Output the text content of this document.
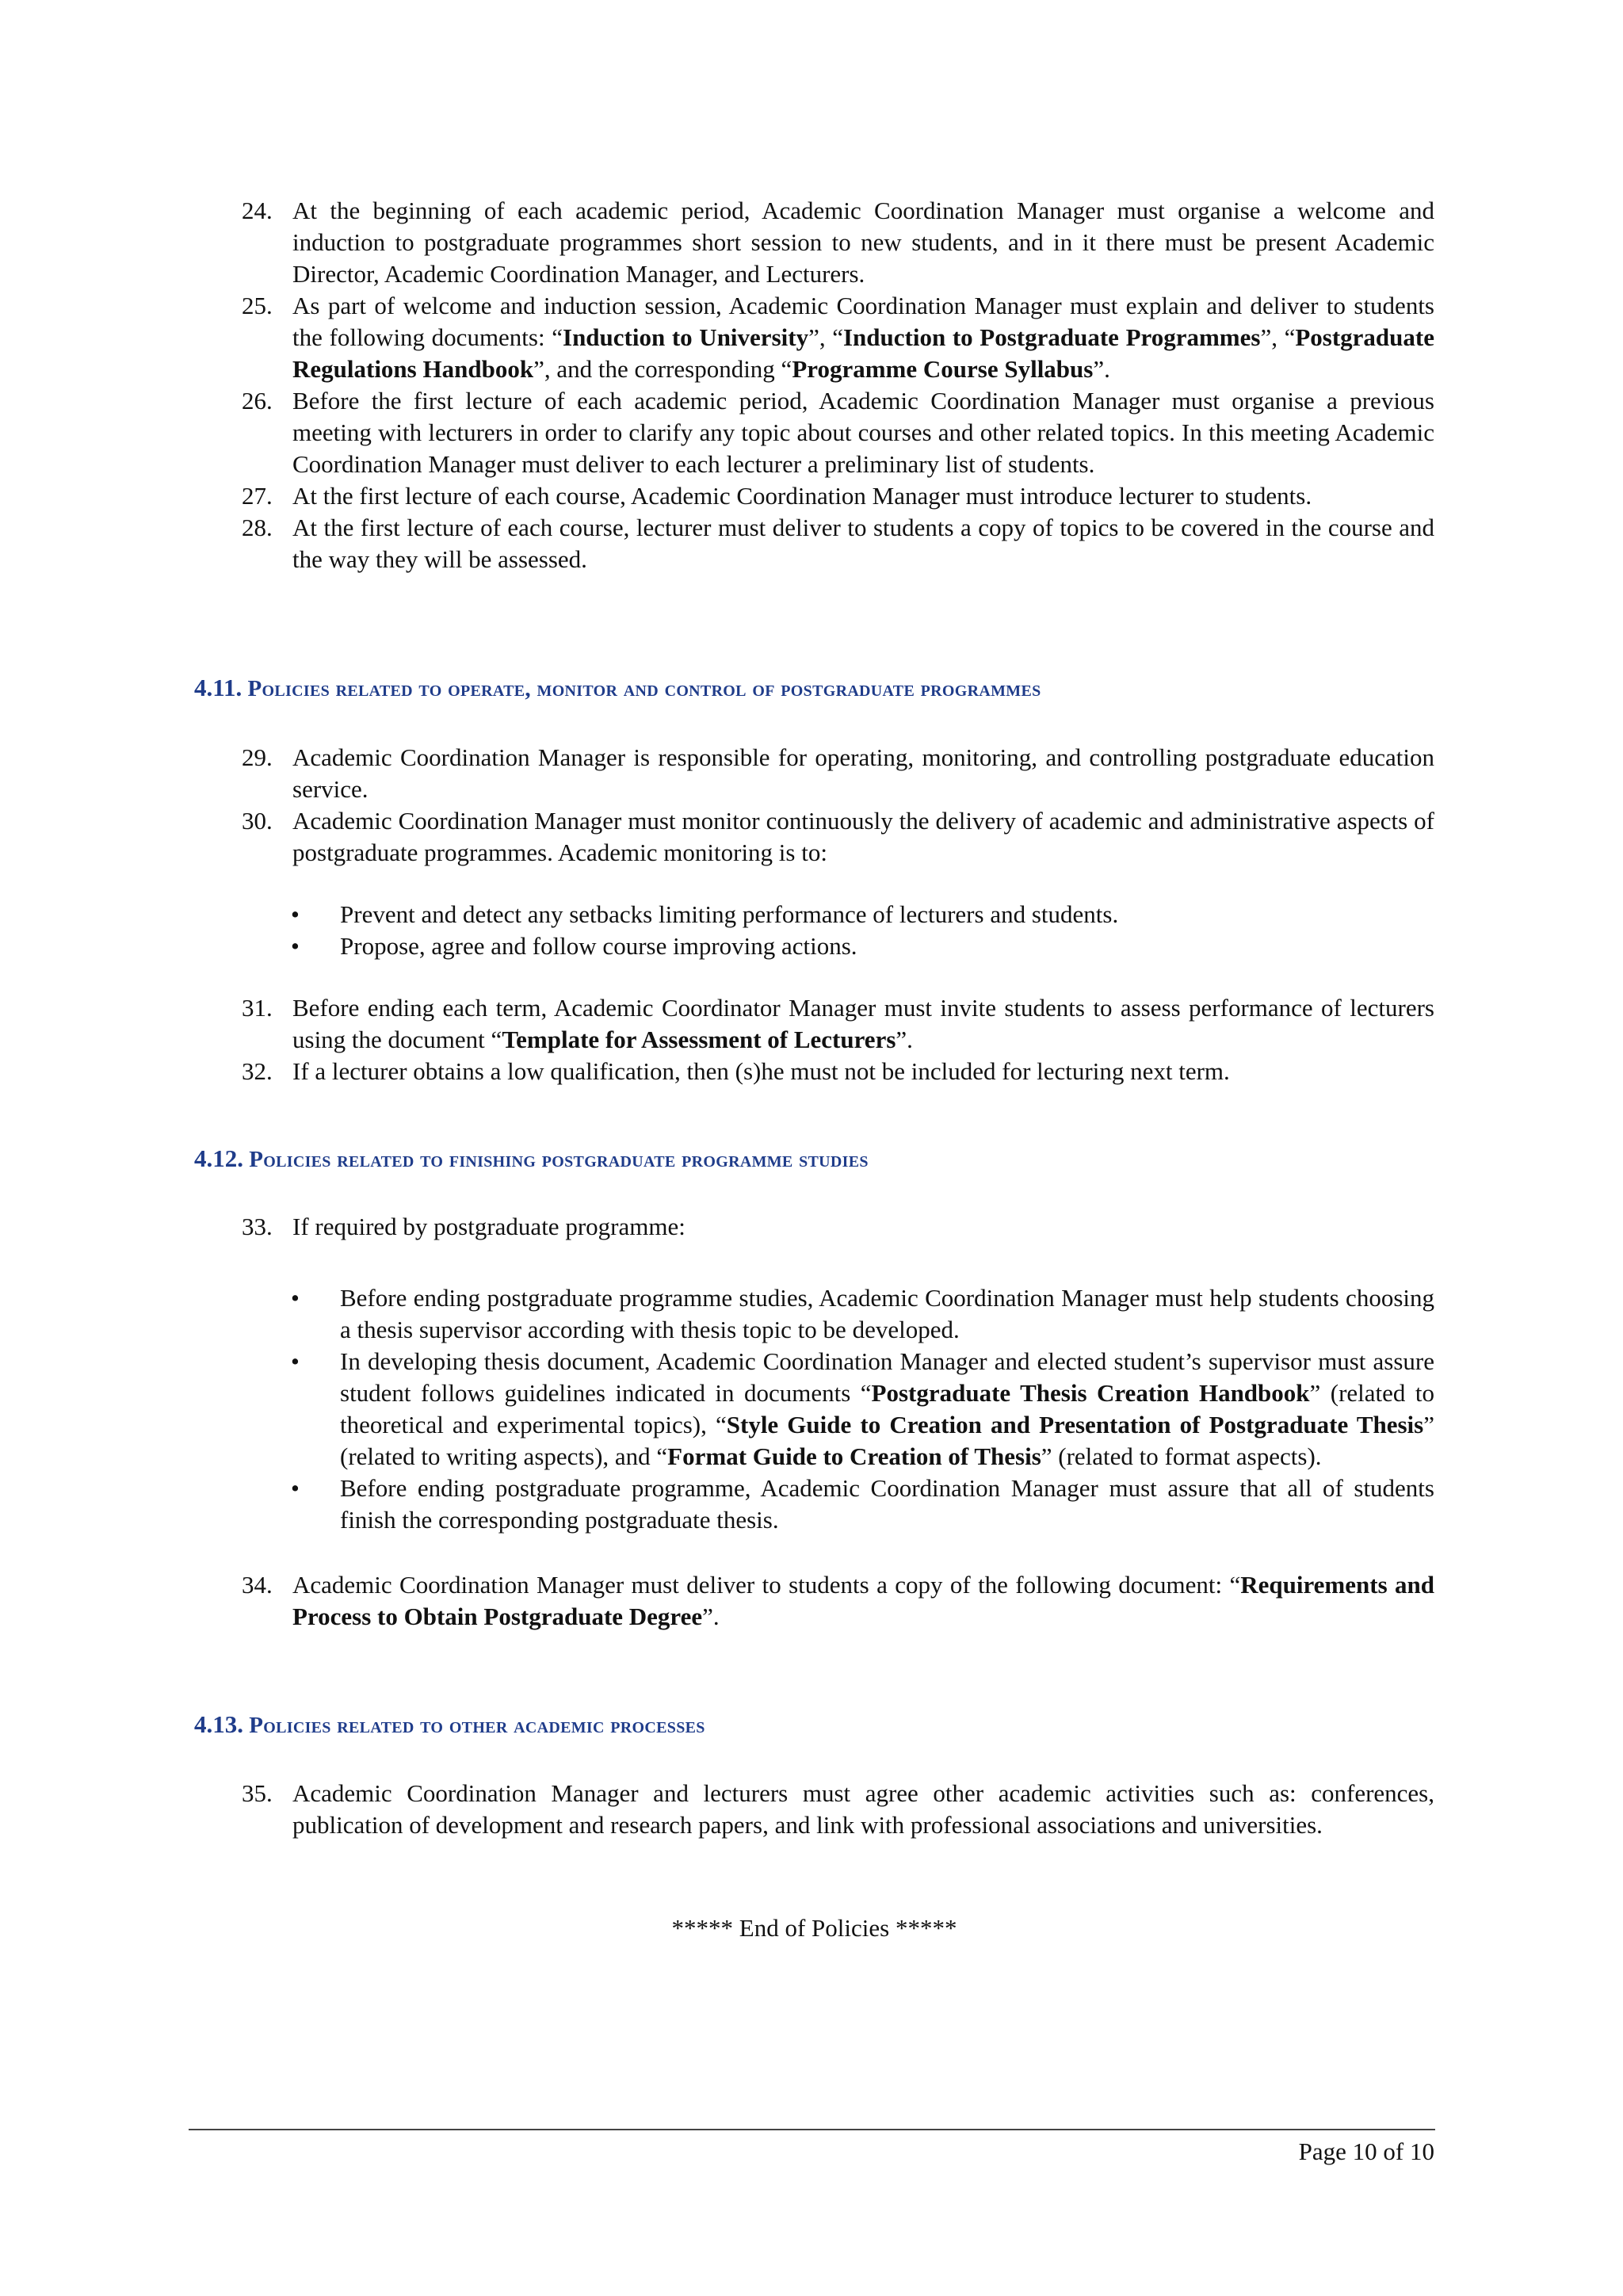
24. At the beginning of each academic period, Academic Coordination Manager must organise a welcome and induction to postgraduate programmes short session to new students, and in it there must be present Academic Director, Academic Coordination Manager, and Lecturers.
25. As part of welcome and induction session, Academic Coordination Manager must explain and deliver to students the following documents: “Induction to University”, “Induction to Postgraduate Programmes”, “Postgraduate Regulations Handbook”, and the corresponding “Programme Course Syllabus”.
26. Before the first lecture of each academic period, Academic Coordination Manager must organise a previous meeting with lecturers in order to clarify any topic about courses and other related topics. In this meeting Academic Coordination Manager must deliver to each lecturer a preliminary list of students.
27. At the first lecture of each course, Academic Coordination Manager must introduce lecturer to students.
28. At the first lecture of each course, lecturer must deliver to students a copy of topics to be covered in the course and the way they will be assessed.
4.11. Policies related to operate, monitor and control of postgraduate programmes
29. Academic Coordination Manager is responsible for operating, monitoring, and controlling postgraduate education service.
30. Academic Coordination Manager must monitor continuously the delivery of academic and administrative aspects of postgraduate programmes. Academic monitoring is to:
• Prevent and detect any setbacks limiting performance of lecturers and students.
• Propose, agree and follow course improving actions.
31. Before ending each term, Academic Coordinator Manager must invite students to assess performance of lecturers using the document “Template for Assessment of Lecturers”.
32. If a lecturer obtains a low qualification, then (s)he must not be included for lecturing next term.
4.12. Policies related to finishing postgraduate programme studies
33. If required by postgraduate programme:
• Before ending postgraduate programme studies, Academic Coordination Manager must help students choosing a thesis supervisor according with thesis topic to be developed.
• In developing thesis document, Academic Coordination Manager and elected student’s supervisor must assure student follows guidelines indicated in documents “Postgraduate Thesis Creation Handbook” (related to theoretical and experimental topics), “Style Guide to Creation and Presentation of Postgraduate Thesis” (related to writing aspects), and “Format Guide to Creation of Thesis” (related to format aspects).
• Before ending postgraduate programme, Academic Coordination Manager must assure that all of students finish the corresponding postgraduate thesis.
34. Academic Coordination Manager must deliver to students a copy of the following document: “Requirements and Process to Obtain Postgraduate Degree”.
4.13. Policies related to other academic processes
35. Academic Coordination Manager and lecturers must agree other academic activities such as: conferences, publication of development and research papers, and link with professional associations and universities.
***** End of Policies *****
Page 10 of 10
